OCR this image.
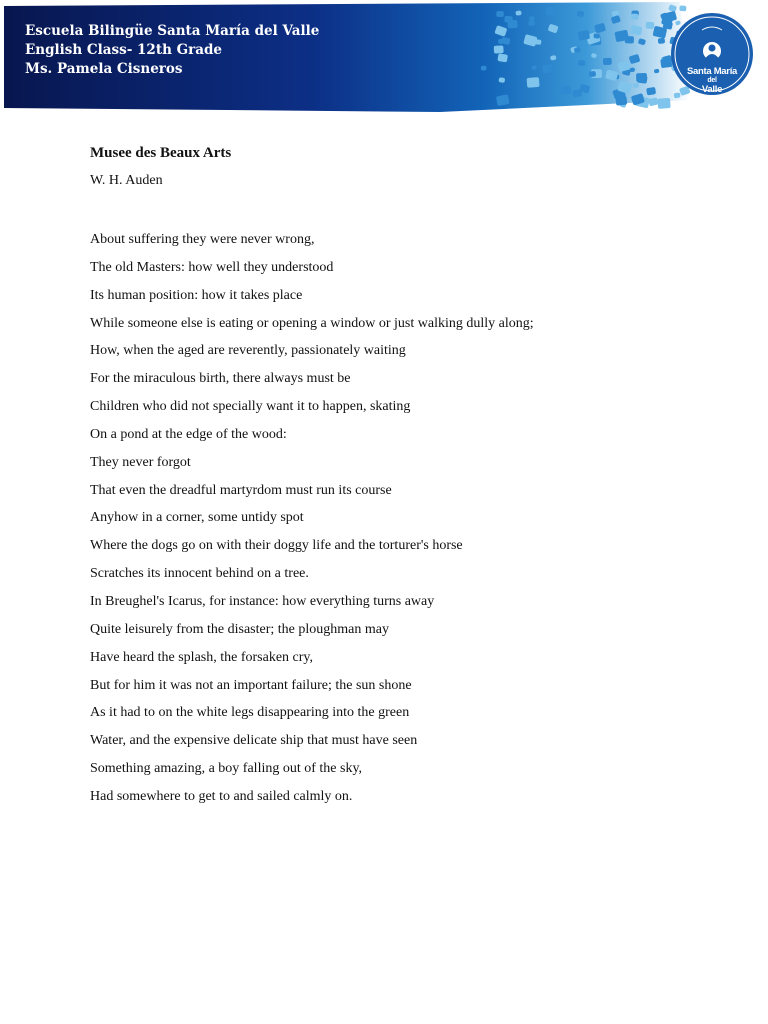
Escuela Bilingüe Santa María del Valle
English Class- 12th Grade
Ms. Pamela Cisneros	Santa María
del
Valle
Musee des Beaux Arts
W. H. Auden
About suffering they were never wrong,
The old Masters: how well they understood
Its human position: how it takes place
While someone else is eating or opening a window or just walking dully along;
How, when the aged are reverently, passionately waiting
For the miraculous birth, there always must be
Children who did not specially want it to happen, skating
On a pond at the edge of the wood:
They never forgot
That even the dreadful martyrdom must run its course
Anyhow in a corner, some untidy spot
Where the dogs go on with their doggy life and the torturer's horse
Scratches its innocent behind on a tree.
In Breughel's Icarus, for instance: how everything turns away
Quite leisurely from the disaster; the ploughman may
Have heard the splash, the forsaken cry,
But for him it was not an important failure; the sun shone
As it had to on the white legs disappearing into the green
Water, and the expensive delicate ship that must have seen
Something amazing, a boy falling out of the sky,
Had somewhere to get to and sailed calmly on.
